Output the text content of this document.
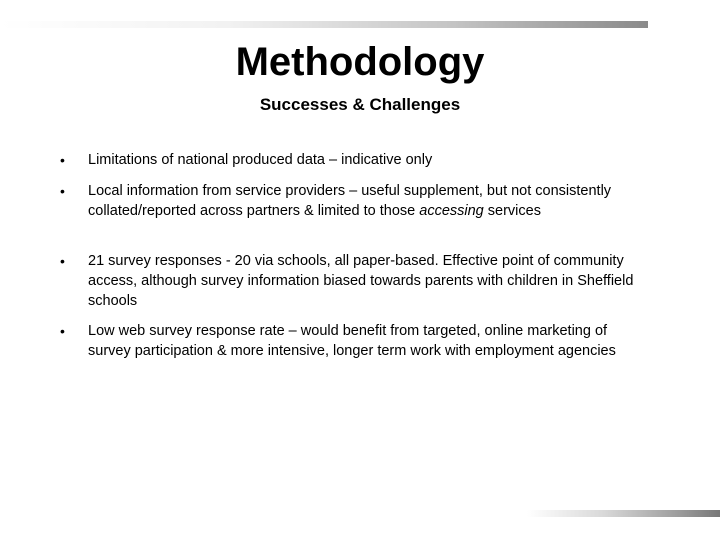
Methodology
Successes & Challenges
• Limitations of national produced data – indicative only
• Local information from service providers – useful supplement, but not consistently collated/reported across partners & limited to those accessing services
• 21 survey responses - 20 via schools, all paper-based. Effective point of community access, although survey information biased towards parents with children in Sheffield schools
• Low web survey response rate – would benefit from targeted, online marketing of survey participation & more intensive, longer term work with employment agencies
